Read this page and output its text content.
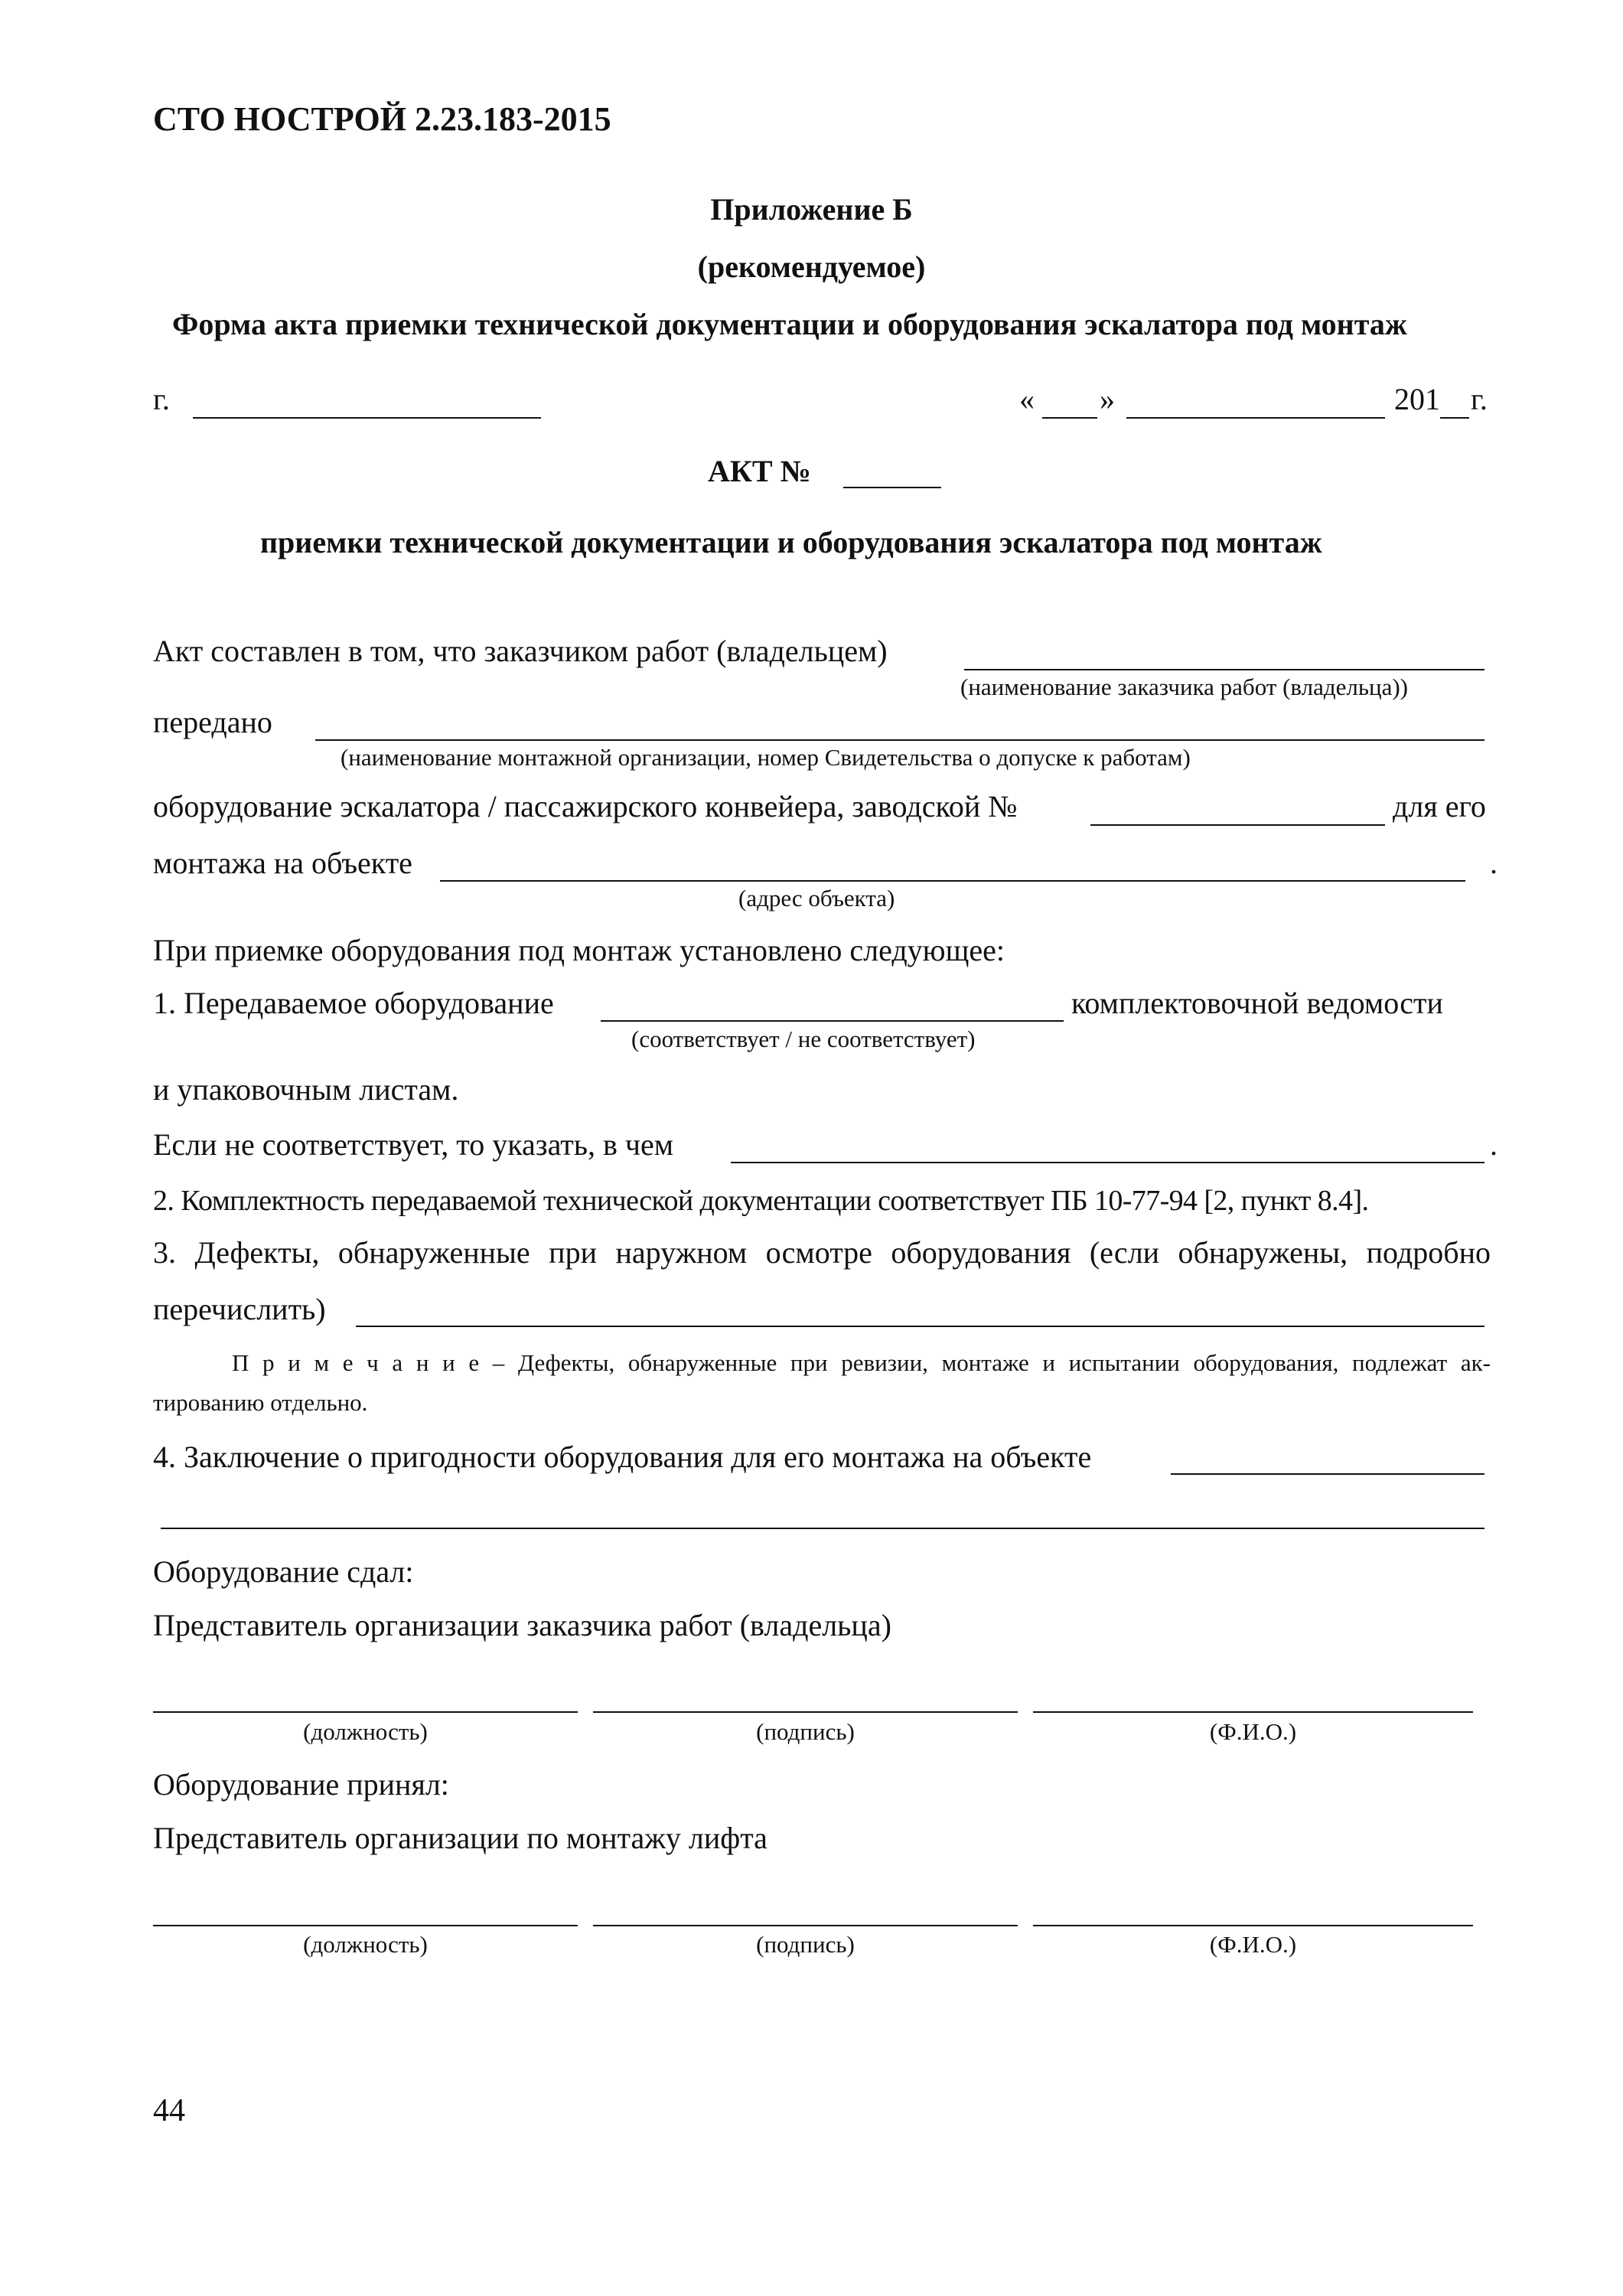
СТО НОСТРОЙ 2.23.183-2015
Приложение Б
(рекомендуемое)
Форма акта приемки технической документации и оборудования эскалатора под монтаж
г.	« »	201 г.
АКТ №
приемки технической документации и оборудования эскалатора под монтаж
Акт составлен в том, что заказчиком работ (владельцем)
(наименование заказчика работ (владельца))
передано
(наименование монтажной организации, номер Свидетельства о допуске к работам)
оборудование эскалатора / пассажирского конвейера, заводской №	для его
монтажа на объекте	.
(адрес объекта)
При приемке оборудования под монтаж установлено следующее:
1. Передаваемое оборудование	комплектовочной ведомости
(соответствует / не соответствует)
и упаковочным листам.
Если не соответствует, то указать, в чем	.
2. Комплектность передаваемой технической документации соответствует ПБ 10-77-94 [2, пункт 8.4].
3. Дефекты, обнаруженные при наружном осмотре оборудования (если обнаружены, подробно
перечислить)
П р и м е ч а н и е – Дефекты, обнаруженные при ревизии, монтаже и испытании оборудования, подлежат ак-
тированию отдельно.
4. Заключение о пригодности оборудования для его монтажа на объекте
Оборудование сдал:
Представитель организации заказчика работ (владельца)
(должность)	(подпись)	(Ф.И.О.)
Оборудование принял:
Представитель организации по монтажу лифта
(должность)	(подпись)	(Ф.И.О.)
44
